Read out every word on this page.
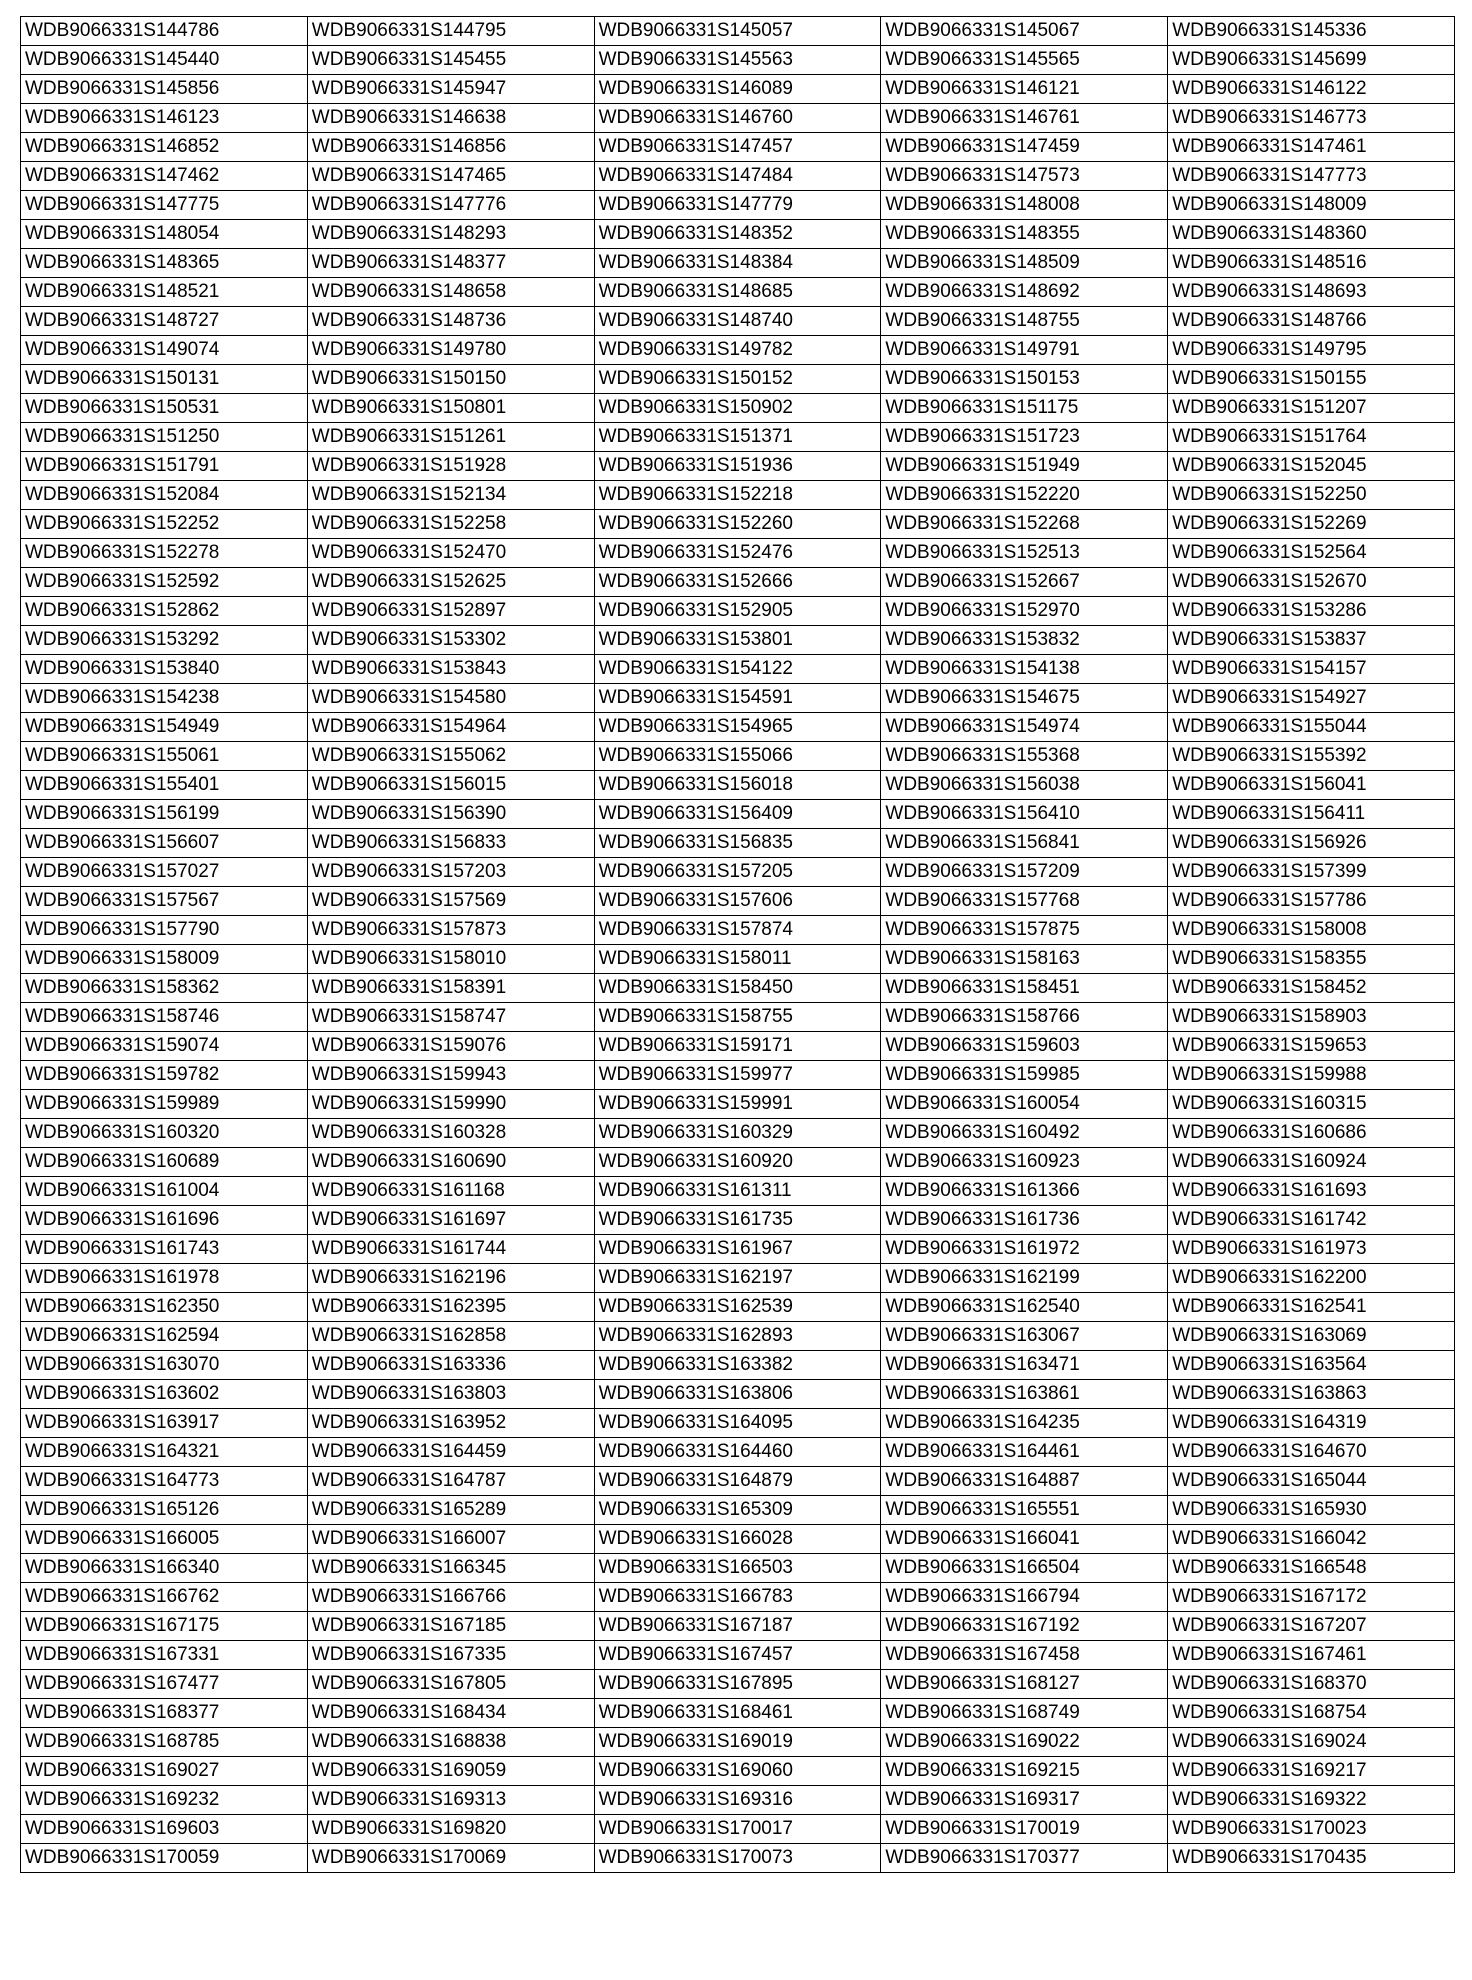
WDB9066331S144786	WDB9066331S144795	WDB9066331S145057	WDB9066331S145067	WDB9066331S145336
WDB9066331S145440	WDB9066331S145455	WDB9066331S145563	WDB9066331S145565	WDB9066331S145699
WDB9066331S145856	WDB9066331S145947	WDB9066331S146089	WDB9066331S146121	WDB9066331S146122
WDB9066331S146123	WDB9066331S146638	WDB9066331S146760	WDB9066331S146761	WDB9066331S146773
WDB9066331S146852	WDB9066331S146856	WDB9066331S147457	WDB9066331S147459	WDB9066331S147461
WDB9066331S147462	WDB9066331S147465	WDB9066331S147484	WDB9066331S147573	WDB9066331S147773
WDB9066331S147775	WDB9066331S147776	WDB9066331S147779	WDB9066331S148008	WDB9066331S148009
WDB9066331S148054	WDB9066331S148293	WDB9066331S148352	WDB9066331S148355	WDB9066331S148360
WDB9066331S148365	WDB9066331S148377	WDB9066331S148384	WDB9066331S148509	WDB9066331S148516
WDB9066331S148521	WDB9066331S148658	WDB9066331S148685	WDB9066331S148692	WDB9066331S148693
WDB9066331S148727	WDB9066331S148736	WDB9066331S148740	WDB9066331S148755	WDB9066331S148766
WDB9066331S149074	WDB9066331S149780	WDB9066331S149782	WDB9066331S149791	WDB9066331S149795
WDB9066331S150131	WDB9066331S150150	WDB9066331S150152	WDB9066331S150153	WDB9066331S150155
WDB9066331S150531	WDB9066331S150801	WDB9066331S150902	WDB9066331S151175	WDB9066331S151207
WDB9066331S151250	WDB9066331S151261	WDB9066331S151371	WDB9066331S151723	WDB9066331S151764
WDB9066331S151791	WDB9066331S151928	WDB9066331S151936	WDB9066331S151949	WDB9066331S152045
WDB9066331S152084	WDB9066331S152134	WDB9066331S152218	WDB9066331S152220	WDB9066331S152250
WDB9066331S152252	WDB9066331S152258	WDB9066331S152260	WDB9066331S152268	WDB9066331S152269
WDB9066331S152278	WDB9066331S152470	WDB9066331S152476	WDB9066331S152513	WDB9066331S152564
WDB9066331S152592	WDB9066331S152625	WDB9066331S152666	WDB9066331S152667	WDB9066331S152670
WDB9066331S152862	WDB9066331S152897	WDB9066331S152905	WDB9066331S152970	WDB9066331S153286
WDB9066331S153292	WDB9066331S153302	WDB9066331S153801	WDB9066331S153832	WDB9066331S153837
WDB9066331S153840	WDB9066331S153843	WDB9066331S154122	WDB9066331S154138	WDB9066331S154157
WDB9066331S154238	WDB9066331S154580	WDB9066331S154591	WDB9066331S154675	WDB9066331S154927
WDB9066331S154949	WDB9066331S154964	WDB9066331S154965	WDB9066331S154974	WDB9066331S155044
WDB9066331S155061	WDB9066331S155062	WDB9066331S155066	WDB9066331S155368	WDB9066331S155392
WDB9066331S155401	WDB9066331S156015	WDB9066331S156018	WDB9066331S156038	WDB9066331S156041
WDB9066331S156199	WDB9066331S156390	WDB9066331S156409	WDB9066331S156410	WDB9066331S156411
WDB9066331S156607	WDB9066331S156833	WDB9066331S156835	WDB9066331S156841	WDB9066331S156926
WDB9066331S157027	WDB9066331S157203	WDB9066331S157205	WDB9066331S157209	WDB9066331S157399
WDB9066331S157567	WDB9066331S157569	WDB9066331S157606	WDB9066331S157768	WDB9066331S157786
WDB9066331S157790	WDB9066331S157873	WDB9066331S157874	WDB9066331S157875	WDB9066331S158008
WDB9066331S158009	WDB9066331S158010	WDB9066331S158011	WDB9066331S158163	WDB9066331S158355
WDB9066331S158362	WDB9066331S158391	WDB9066331S158450	WDB9066331S158451	WDB9066331S158452
WDB9066331S158746	WDB9066331S158747	WDB9066331S158755	WDB9066331S158766	WDB9066331S158903
WDB9066331S159074	WDB9066331S159076	WDB9066331S159171	WDB9066331S159603	WDB9066331S159653
WDB9066331S159782	WDB9066331S159943	WDB9066331S159977	WDB9066331S159985	WDB9066331S159988
WDB9066331S159989	WDB9066331S159990	WDB9066331S159991	WDB9066331S160054	WDB9066331S160315
WDB9066331S160320	WDB9066331S160328	WDB9066331S160329	WDB9066331S160492	WDB9066331S160686
WDB9066331S160689	WDB9066331S160690	WDB9066331S160920	WDB9066331S160923	WDB9066331S160924
WDB9066331S161004	WDB9066331S161168	WDB9066331S161311	WDB9066331S161366	WDB9066331S161693
WDB9066331S161696	WDB9066331S161697	WDB9066331S161735	WDB9066331S161736	WDB9066331S161742
WDB9066331S161743	WDB9066331S161744	WDB9066331S161967	WDB9066331S161972	WDB9066331S161973
WDB9066331S161978	WDB9066331S162196	WDB9066331S162197	WDB9066331S162199	WDB9066331S162200
WDB9066331S162350	WDB9066331S162395	WDB9066331S162539	WDB9066331S162540	WDB9066331S162541
WDB9066331S162594	WDB9066331S162858	WDB9066331S162893	WDB9066331S163067	WDB9066331S163069
WDB9066331S163070	WDB9066331S163336	WDB9066331S163382	WDB9066331S163471	WDB9066331S163564
WDB9066331S163602	WDB9066331S163803	WDB9066331S163806	WDB9066331S163861	WDB9066331S163863
WDB9066331S163917	WDB9066331S163952	WDB9066331S164095	WDB9066331S164235	WDB9066331S164319
WDB9066331S164321	WDB9066331S164459	WDB9066331S164460	WDB9066331S164461	WDB9066331S164670
WDB9066331S164773	WDB9066331S164787	WDB9066331S164879	WDB9066331S164887	WDB9066331S165044
WDB9066331S165126	WDB9066331S165289	WDB9066331S165309	WDB9066331S165551	WDB9066331S165930
WDB9066331S166005	WDB9066331S166007	WDB9066331S166028	WDB9066331S166041	WDB9066331S166042
WDB9066331S166340	WDB9066331S166345	WDB9066331S166503	WDB9066331S166504	WDB9066331S166548
WDB9066331S166762	WDB9066331S166766	WDB9066331S166783	WDB9066331S166794	WDB9066331S167172
WDB9066331S167175	WDB9066331S167185	WDB9066331S167187	WDB9066331S167192	WDB9066331S167207
WDB9066331S167331	WDB9066331S167335	WDB9066331S167457	WDB9066331S167458	WDB9066331S167461
WDB9066331S167477	WDB9066331S167805	WDB9066331S167895	WDB9066331S168127	WDB9066331S168370
WDB9066331S168377	WDB9066331S168434	WDB9066331S168461	WDB9066331S168749	WDB9066331S168754
WDB9066331S168785	WDB9066331S168838	WDB9066331S169019	WDB9066331S169022	WDB9066331S169024
WDB9066331S169027	WDB9066331S169059	WDB9066331S169060	WDB9066331S169215	WDB9066331S169217
WDB9066331S169232	WDB9066331S169313	WDB9066331S169316	WDB9066331S169317	WDB9066331S169322
WDB9066331S169603	WDB9066331S169820	WDB9066331S170017	WDB9066331S170019	WDB9066331S170023
WDB9066331S170059	WDB9066331S170069	WDB9066331S170073	WDB9066331S170377	WDB9066331S170435
